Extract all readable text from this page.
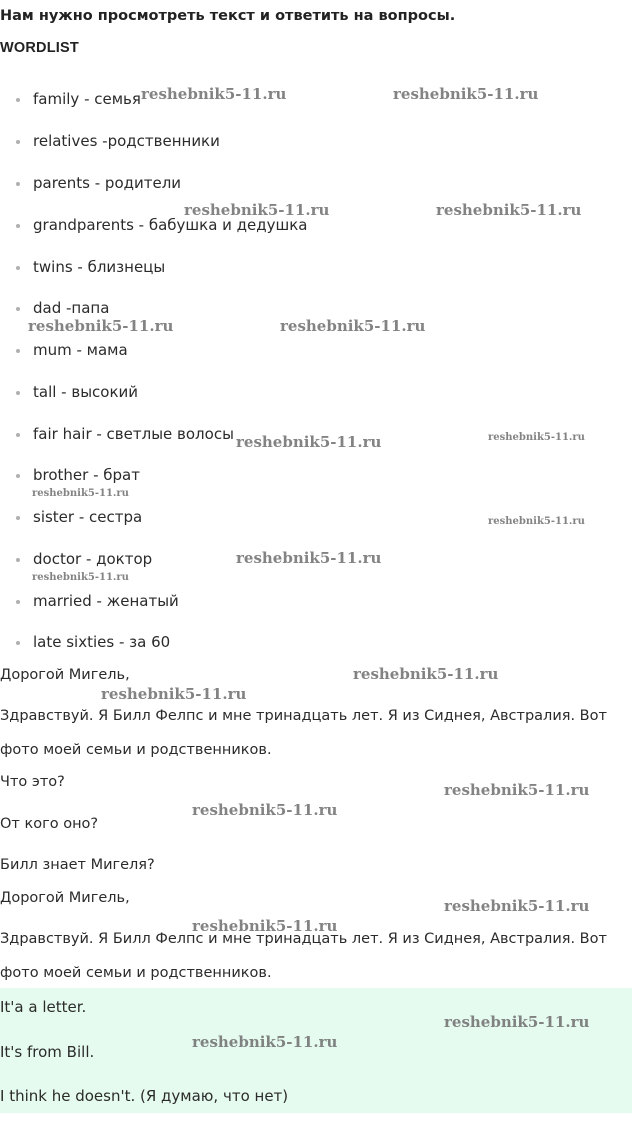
Нам нужно просмотреть текст и ответить на вопросы.
WORDLIST
family - семья
relatives -родственники
parents - родители
grandparents - бабушка и дедушка
twins - близнецы
dad -папа
mum - мама
tall - высокий
fair hair - светлые волосы
brother - брат
sister - сестра
doctor - доктор
married - женатый
late sixties - за 60
Дорогой Мигель,
Здравствуй. Я Билл Фелпс и мне тринадцать лет. Я из Сиднея, Австралия. Вот
фото моей семьи и родственников.
Что это?
От кого оно?
Билл знает Мигеля?
Дорогой Мигель,
Здравствуй. Я Билл Фелпс и мне тринадцать лет. Я из Сиднея, Австралия. Вот
фото моей семьи и родственников.
It'a a letter.
It's from Bill.
I think he doesn't. (Я думаю, что нет)
reshebnik5-11.ru	reshebnik5-11.ru
reshebnik5-11.ru	reshebnik5-11.ru
reshebnik5-11.ru	reshebnik5-11.ru
reshebnik5-11.ru	reshebnik5-11.ru
reshebnik5-11.ru
reshebnik5-11.ru
reshebnik5-11.ru
reshebnik5-11.ru
reshebnik5-11.ru
reshebnik5-11.ru
reshebnik5-11.ru
reshebnik5-11.ru
reshebnik5-11.ru
reshebnik5-11.ru
reshebnik5-11.ru
reshebnik5-11.ru
